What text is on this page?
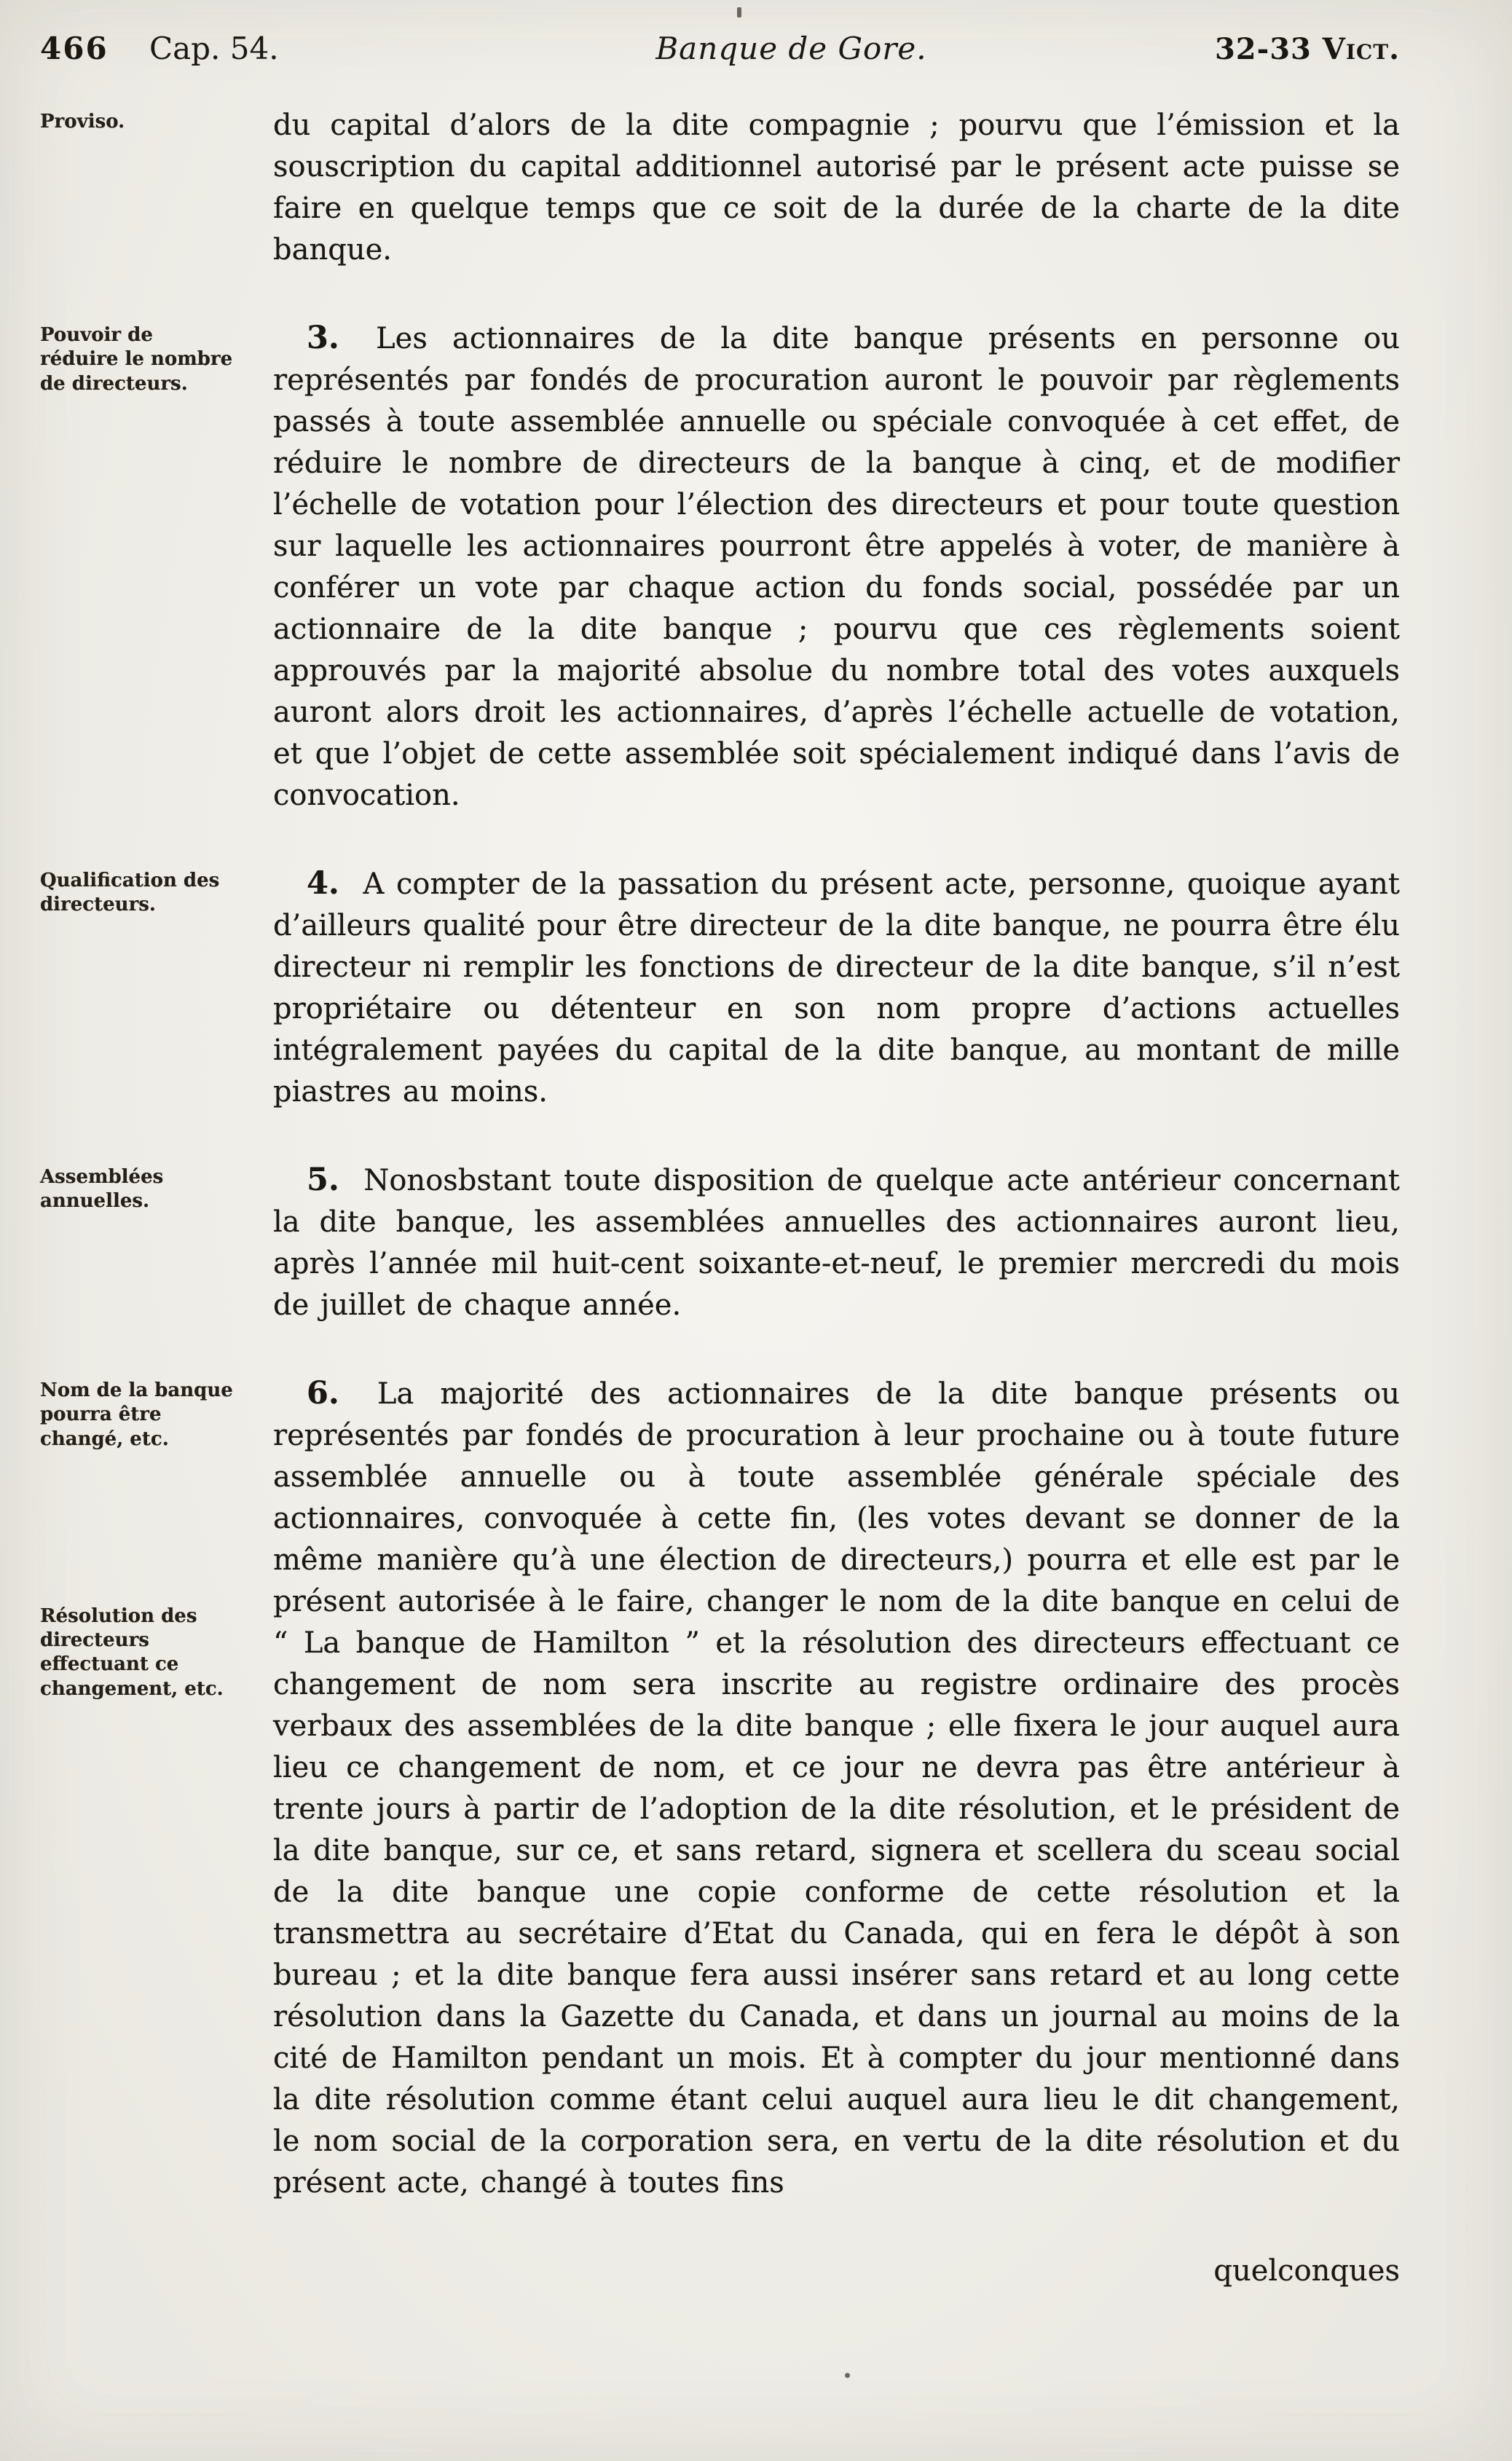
466	Cap. 54.	Banque de Gore.	32-33 Vict.
Proviso.	du capital d’alors de la dite compagnie ; pourvu que l’émission et la souscription du capital additionnel autorisé par le présent acte puisse se faire en quelque temps que ce soit de la durée de la charte de la dite banque.

Pouvoir de réduire le nombre de directeurs.

3. Les actionnaires de la dite banque présents en personne ou représentés par fondés de procuration auront le pouvoir par règlements passés à toute assemblée annuelle ou spéciale convoquée à cet effet, de réduire le nombre de directeurs de la banque à cinq, et de modifier l’échelle de votation pour l’élection des directeurs et pour toute question sur laquelle les actionnaires pourront être appelés à voter, de manière à conférer un vote par chaque action du fonds social, possédée par un actionnaire de la dite banque ; pourvu que ces règlements soient approuvés par la majorité absolue du nombre total des votes auxquels auront alors droit les actionnaires, d’après l’échelle actuelle de votation, et que l’objet de cette assemblée soit spécialement indiqué dans l’avis de convocation.

Qualification des directeurs.

4. A compter de la passation du présent acte, personne, quoique ayant d’ailleurs qualité pour être directeur de la dite banque, ne pourra être élu directeur ni remplir les fonctions de directeur de la dite banque, s’il n’est propriétaire ou détenteur en son nom propre d’actions actuelles intégralement payées du capital de la dite banque, au montant de mille piastres au moins.

Assemblées annuelles.

5. Nonosbstant toute disposition de quelque acte antérieur concernant la dite banque, les assemblées annuelles des actionnaires auront lieu, après l’année mil huit-cent soixante-et-neuf, le premier mercredi du mois de juillet de chaque année.

Nom de la banque pourra être changé, etc.
Résolution des directeurs effectuant ce changement, etc.

6. La majorité des actionnaires de la dite banque présents ou représentés par fondés de procuration à leur prochaine ou à toute future assemblée annuelle ou à toute assemblée générale spéciale des actionnaires, convoquée à cette fin, (les votes devant se donner de la même manière qu’à une élection de directeurs,) pourra et elle est par le présent autorisée à le faire, changer le nom de la dite banque en celui de “ La banque de Hamilton ” et la résolution des directeurs effectuant ce changement de nom sera inscrite au registre ordinaire des procès verbaux des assemblées de la dite banque ; elle fixera le jour auquel aura lieu ce changement de nom, et ce jour ne devra pas être antérieur à trente jours à partir de l’adoption de la dite résolution, et le président de la dite banque, sur ce, et sans retard, signera et scellera du sceau social de la dite banque une copie conforme de cette résolution et la transmettra au secrétaire d’Etat du Canada, qui en fera le dépôt à son bureau ; et la dite banque fera aussi insérer sans retard et au long cette résolution dans la Gazette du Canada, et dans un journal au moins de la cité de Hamilton pendant un mois. Et à compter du jour mentionné dans la dite résolution comme étant celui auquel aura lieu le dit changement, le nom social de la corporation sera, en vertu de la dite résolution et du présent acte, changé à toutes fins

quelconques
